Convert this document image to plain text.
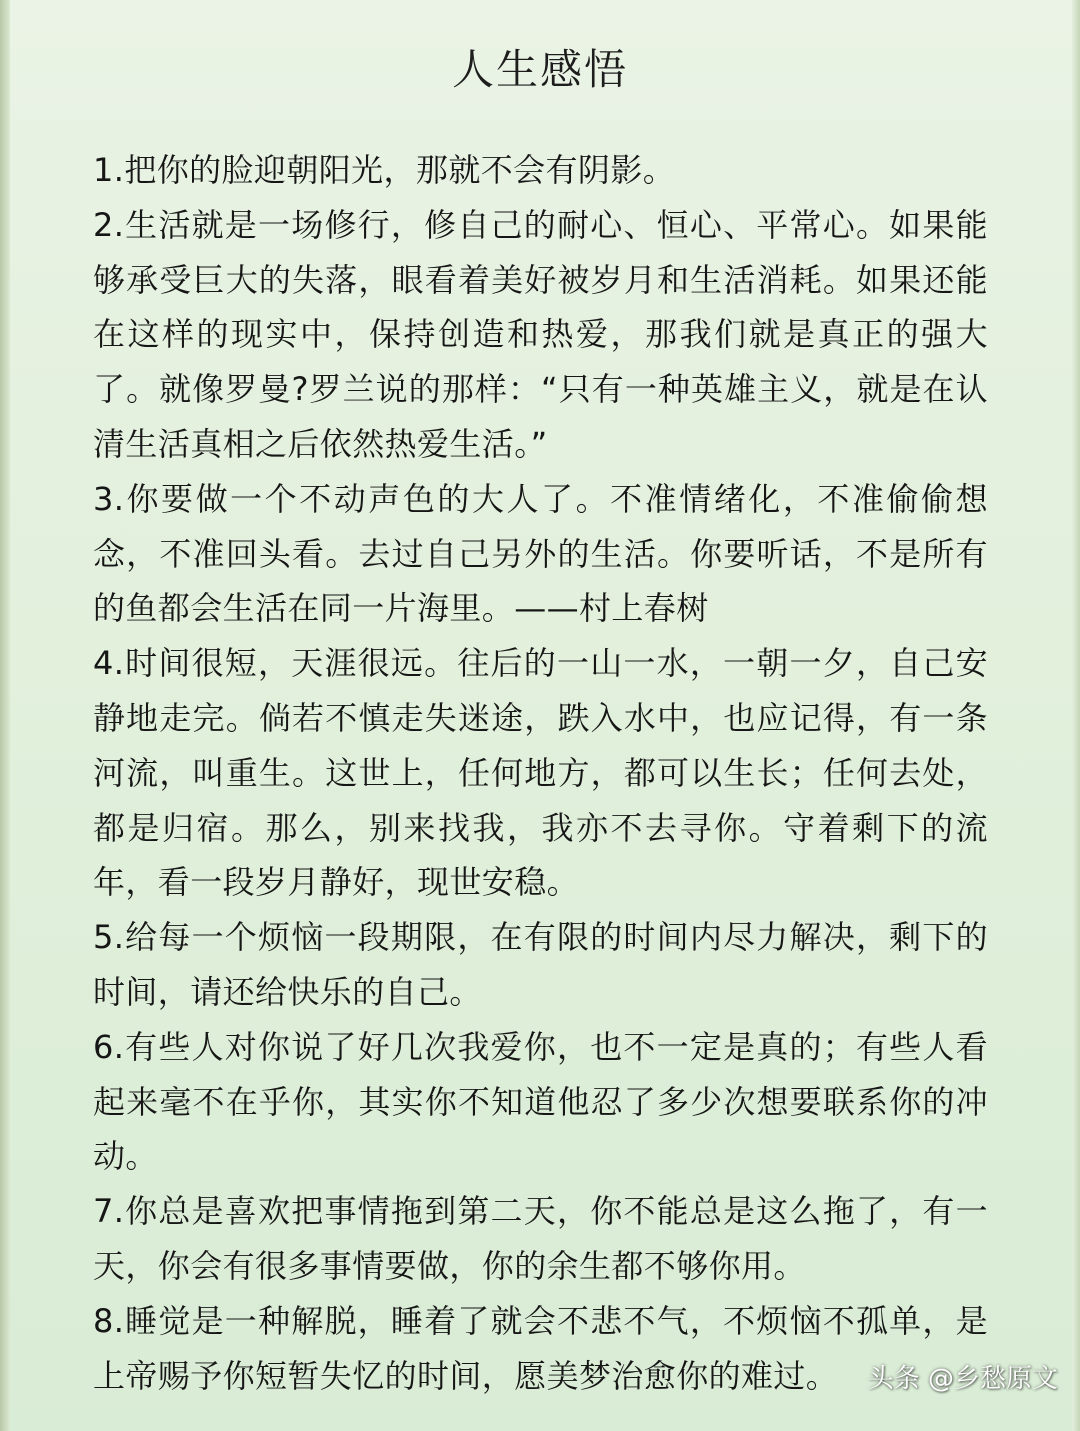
人生感悟
1.把你的脸迎朝阳光，那就不会有阴影。
2.生活就是一场修行，修自己的耐心、恒心、平常心。如果能够承受巨大的失落，眼看着美好被岁月和生活消耗。如果还能在这样的现实中，保持创造和热爱，那我们就是真正的强大了。就像罗曼?罗兰说的那样：“只有一种英雄主义，就是在认清生活真相之后依然热爱生活。”
3.你要做一个不动声色的大人了。不准情绪化，不准偷偷想念，不准回头看。去过自己另外的生活。你要听话，不是所有的鱼都会生活在同一片海里。——村上春树
4.时间很短，天涯很远。往后的一山一水，一朝一夕，自己安静地走完。倘若不慎走失迷途，跌入水中，也应记得，有一条河流，叫重生。这世上，任何地方，都可以生长；任何去处，都是归宿。那么，别来找我，我亦不去寻你。守着剩下的流年，看一段岁月静好，现世安稳。
5.给每一个烦恼一段期限，在有限的时间内尽力解决，剩下的时间，请还给快乐的自己。
6.有些人对你说了好几次我爱你，也不一定是真的；有些人看起来毫不在乎你，其实你不知道他忍了多少次想要联系你的冲动。
7.你总是喜欢把事情拖到第二天，你不能总是这么拖了，有一天，你会有很多事情要做，你的余生都不够你用。
8.睡觉是一种解脱，睡着了就会不悲不气，不烦恼不孤单，是上帝赐予你短暂失忆的时间，愿美梦治愈你的难过。	头条 @乡愁原文
